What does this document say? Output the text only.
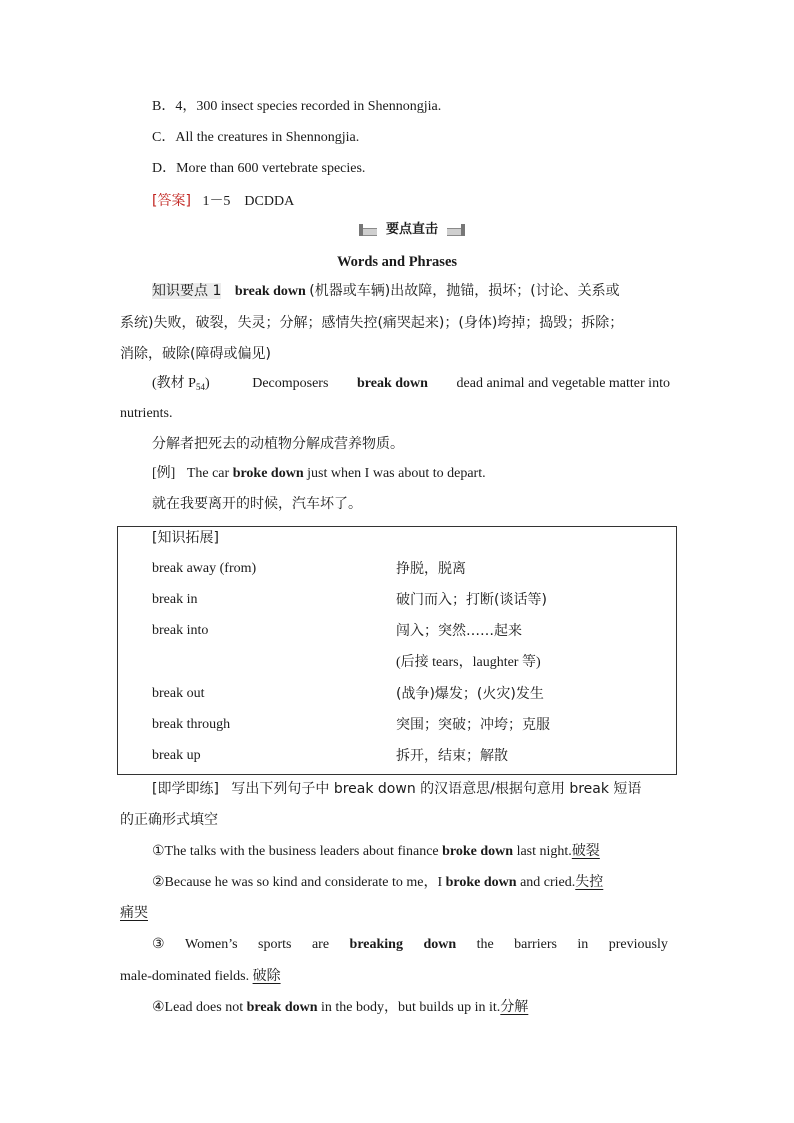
B．4，300 insect species recorded in Shennongjia.
C．All the creatures in Shennongjia.
D．More than 600 vertebrate species.
[答案] 1－5　DCDDA
要点直击
Words and Phrases
知识要点 1 break down (机器或车辆)出故障，抛锚，损坏；(讨论、关系或
系统)失败，破裂，失灵；分解；感情失控(痛哭起来)；(身体)垮掉；捣毁；拆除；
消除，破除(障碍或偏见)
(教材 $P_{54}$)	Decomposers break down dead animal and vegetable matter into
nutrients.
分解者把死去的动植物分解成营养物质。
[例] The car broke down just when I was about to depart.
就在我要离开的时候，汽车坏了。
[知识拓展]
break away (from)	挣脱，脱离
break in	破门而入；打断(谈话等)
break into	闯入；突然……起来
(后接 tears，laughter 等)
break out	(战争)爆发；(火灾)发生
break through	突围；突破；冲垮；克服
break up	拆开，结束；解散
[即学即练] 写出下列句子中 break down 的汉语意思/根据句意用 break 短语
的正确形式填空
①The talks with the business leaders about finance broke down last night.破裂
②Because he was so kind and considerate to me，I broke down and cried.失控
痛哭
③ Women’s sports are breaking down the barriers in previously
male-dominated fields. 破除
④Lead does not break down in the body，but builds up in it.分解
